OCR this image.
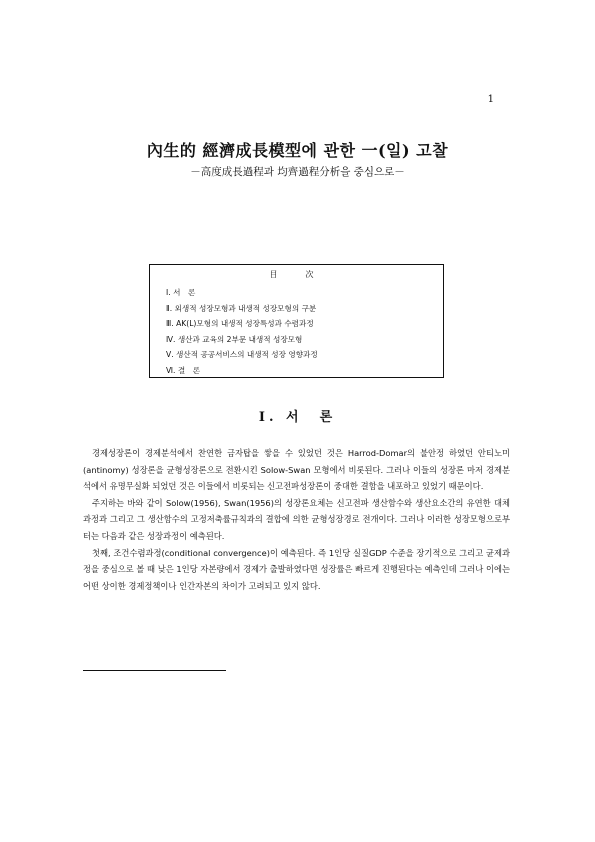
1
內生的 經濟成長模型에 관한 一(일) 고찰
－高度成長過程과 均齊過程分析을 중심으로－
目　次
Ⅰ. 서　론
Ⅱ. 외생적 성장모형과 내생적 성장모형의 구분
Ⅲ. AK(L)모형의 내생적 성장특성과 수렴과정
Ⅳ. 생산과 교육의 2부문 내생적 성장모형
Ⅴ. 생산적 공공서비스의 내생적 성장 영향과정
Ⅵ. 결　론
Ⅰ. 서　론

경제성장론이 경제분석에서 찬연한 금자탑을 쌓을 수 있었던 것은 Harrod-Domar의 불안정 하였던 안티노미(antinomy) 성장론을 균형성장론으로 전환시킨 Solow-Swan 모형에서 비롯된다. 그러나 이들의 성장론 마저 경제분석에서 유명무실화 되었던 것은 이들에서 비롯되는 신고전파성장론이 중대한 결함을 내포하고 있었기 때문이다.

주지하는 바와 같이 Solow(1956), Swan(1956)의 성장론요체는 신고전파 생산함수와 생산요소간의 유연한 대체과정과 그리고 그 생산함수의 고정저축률규칙과의 결합에 의한 균형성장경로 전개이다. 그러나 이러한 성장모형으로부터는 다음과 같은 성장과정이 예측된다.

첫째, 조건수렴과정(conditional convergence)이 예측된다. 즉 1인당 실질GDP 수준을 장기적으로 그리고 균제과정을 중심으로 볼 때 낮은 1인당 자본량에서 경제가 출발하였다면 성장률은 빠르게 진행된다는 예측인데 그러나 이에는 어떤 상이한 경제정책이나 인간자본의 차이가 고려되고 있지 않다.
